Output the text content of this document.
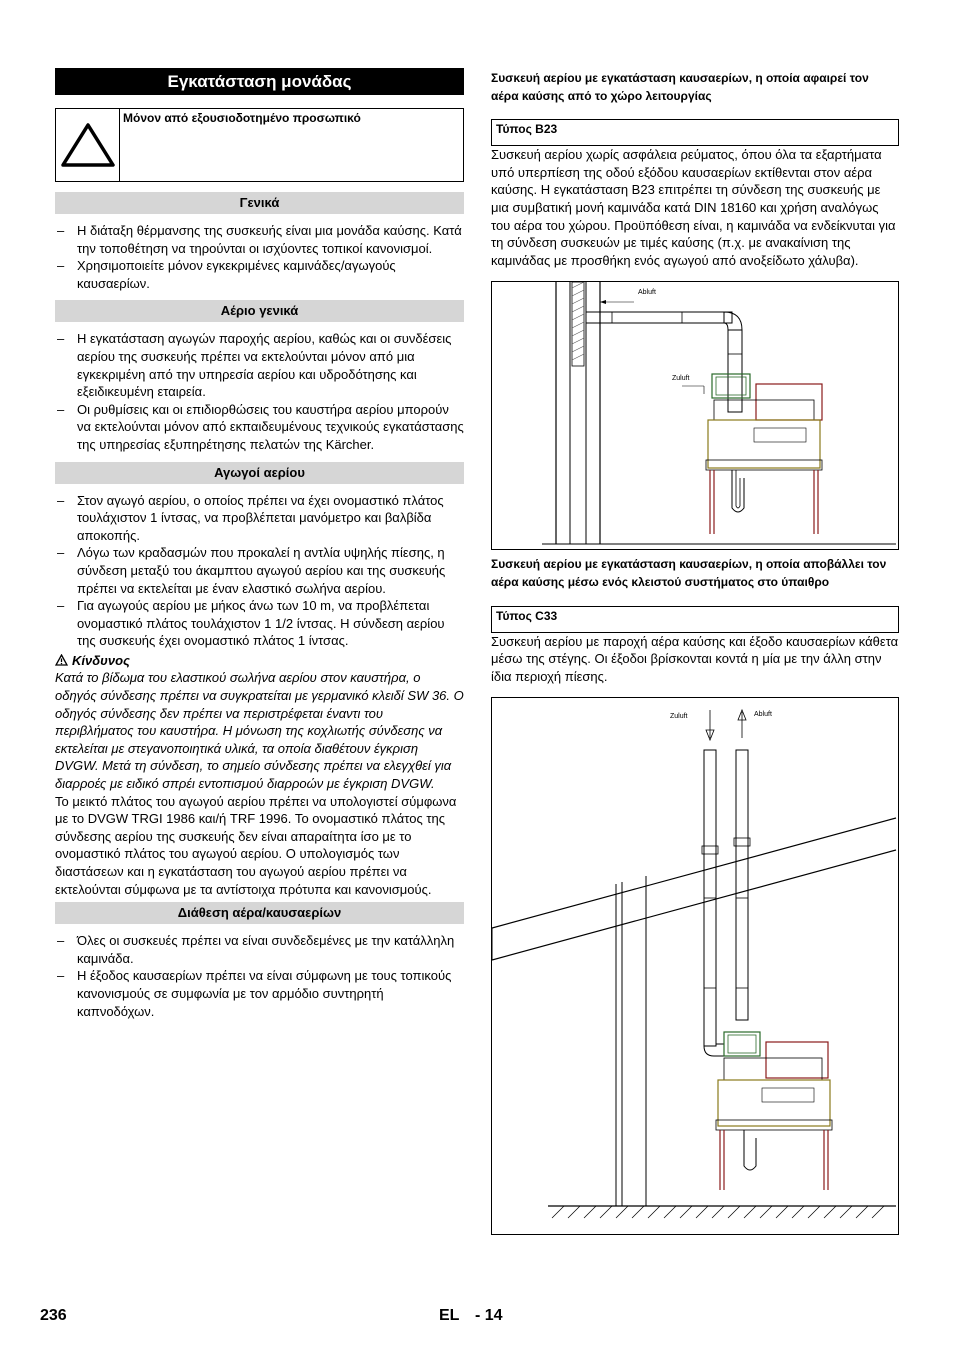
Εγκατάσταση μονάδας
Μόνον από εξουσιοδοτημένο προσωπικό
Γενικά
– Η διάταξη θέρμανσης της συσκευής είναι μια μονάδα καύσης. Κατά την τοποθέτηση να τηρούνται οι ισχύοντες τοπικοί κανονισμοί.
– Χρησιμοποιείτε μόνον εγκεκριμένες καμινάδες/αγωγούς καυσαερίων.
Αέριο γενικά
– Η εγκατάσταση αγωγών παροχής αερίου, καθώς και οι συνδέσεις αερίου της συσκευής πρέπει να εκτελούνται μόνον από μια εγκεκριμένη από την υπηρεσία αερίου και υδροδότησης και εξειδικευμένη εταιρεία.
– Οι ρυθμίσεις και οι επιδιορθώσεις του καυστήρα αερίου μπορούν να εκτελούνται μόνον από εκπαιδευμένους τεχνικούς εγκατάστασης της υπηρεσίας εξυπηρέτησης πελατών της Kärcher.
Αγωγοί αερίου
– Στον αγωγό αερίου, ο οποίος πρέπει να έχει ονομαστικό πλάτος τουλάχιστον 1 ίντσας, να προβλέπεται μανόμετρο και βαλβίδα αποκοπής.
– Λόγω των κραδασμών που προκαλεί η αντλία υψηλής πίεσης, η σύνδεση μεταξύ του άκαμπτου αγωγού αερίου και της συσκευής πρέπει να εκτελείται με έναν ελαστικό σωλήνα αερίου.
– Για αγωγούς αερίου με μήκος άνω των 10 m, να προβλέπεται ονομαστικό πλάτος τουλάχιστον 1 1/2 ίντσας. Η σύνδεση αερίου της συσκευής έχει ονομαστικό πλάτος 1 ίντσας.
Κίνδυνος

Κατά το βίδωμα του ελαστικού σωλήνα αερίου στον καυστήρα, ο οδηγός σύνδεσης πρέπει να συγκρατείται με γερμανικό κλειδί SW 36. Ο οδηγός σύνδεσης δεν πρέπει να περιστρέφεται έναντι του περιβλήματος του καυστήρα. Η μόνωση της κοχλιωτής σύνδεσης να εκτελείται με στεγανοποιητικά υλικά, τα οποία διαθέτουν έγκριση DVGW. Μετά τη σύνδεση, το σημείο σύνδεσης πρέπει να ελεγχθεί για διαρροές με ειδικό σπρέι εντοπισμού διαρροών με έγκριση DVGW.

Το μεικτό πλάτος του αγωγού αερίου πρέπει να υπολογιστεί σύμφωνα με το DVGW TRGI 1986 και/ή TRF 1996. Το ονομαστικό πλάτος της σύνδεσης αερίου της συσκευής δεν είναι απαραίτητα ίσο με το ονομαστικό πλάτος του αγωγού αερίου. Ο υπολογισμός των διαστάσεων και η εγκατάσταση του αγωγού αερίου πρέπει να εκτελούνται σύμφωνα με τα αντίστοιχα πρότυπα και κανονισμούς.

Διάθεση αέρα/καυσαερίων
– Όλες οι συσκευές πρέπει να είναι συνδεδεμένες με την κατάλληλη καμινάδα.
– Η έξοδος καυσαερίων πρέπει να είναι σύμφωνη με τους τοπικούς κανονισμούς σε συμφωνία με τον αρμόδιο συντηρητή καπνοδόχων.
Συσκευή αερίου με εγκατάσταση καυσαερίων, η οποία αφαιρεί τον αέρα καύσης από το χώρο λειτουργίας
Τύπος B23

Συσκευή αερίου χωρίς ασφάλεια ρεύματος, όπου όλα τα εξαρτήματα υπό υπερπίεση της οδού εξόδου καυσαερίων εκτίθενται στον αέρα καύσης. Η εγκατάσταση B23 επιτρέπει τη σύνδεση της συσκευής με μια συμβατική μονή καμινάδα κατά DIN 18160 και χρήση αναλόγως του αέρα του χώρου. Προϋπόθεση είναι, η καμινάδα να ενδείκνυται για τη σύνδεση συσκευών με τιμές καύσης (π.χ. με ανακαίνιση της καμινάδας με προσθήκη ενός αγωγού από ανοξείδωτο χάλυβα).

Abluft
Zuluft
Συσκευή αερίου με εγκατάσταση καυσαερίων, η οποία αποβάλλει τον αέρα καύσης μέσω ενός κλειστού συστήματος στο ύπαιθρο
Τύπος C33

Συσκευή αερίου με παροχή αέρα καύσης και έξοδο καυσαερίων κάθετα μέσω της στέγης. Οι έξοδοι βρίσκονται κοντά η μία με την άλλη στην ίδια περιοχή πίεσης.

Zuluft	Abluft
236	EL - 14
